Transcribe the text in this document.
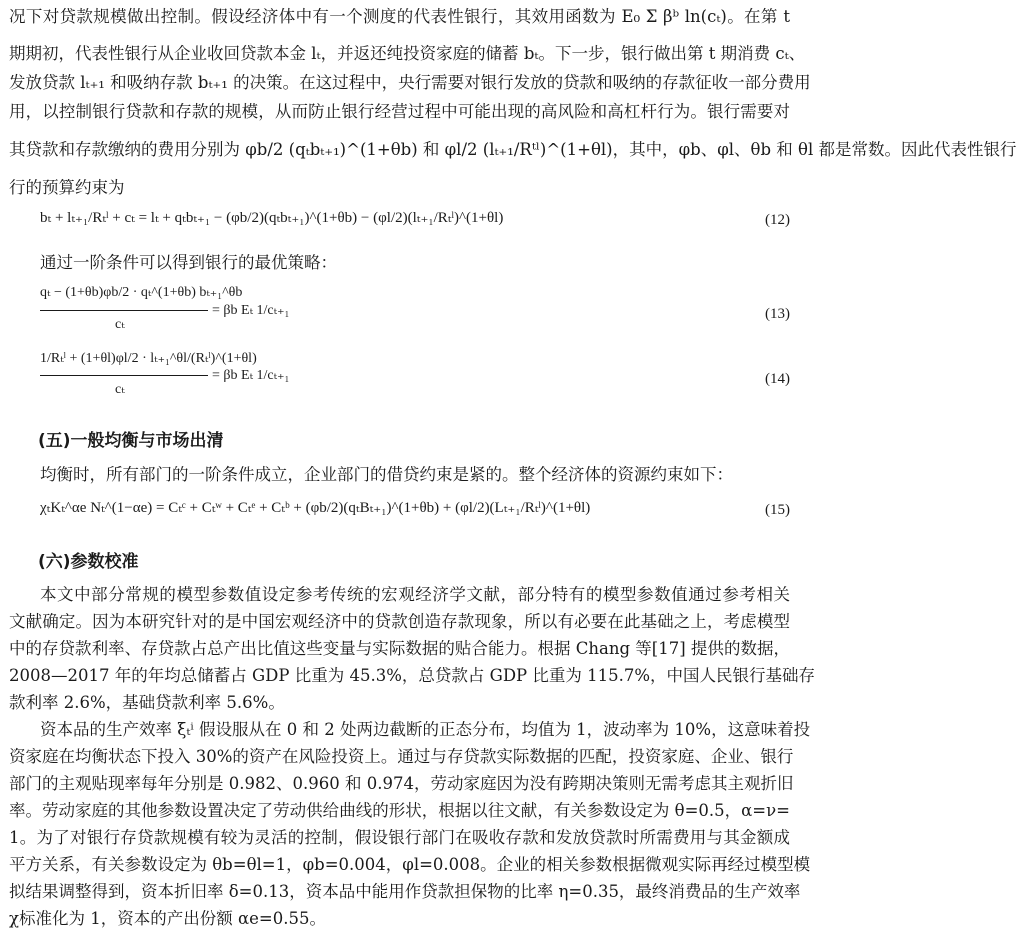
况下对贷款规模做出控制。假设经济体中有一个测度的代表性银行，其效用函数为 E₀ Σ βᵇ ln(cₜ)。在第 t
期期初，代表性银行从企业收回贷款本金 lₜ，并返还纯投资家庭的储蓄 bₜ。下一步，银行做出第 t 期消费 cₜ、
发放贷款 lₜ₊₁ 和吸纳存款 bₜ₊₁ 的决策。在这过程中，央行需要对银行发放的贷款和吸纳的存款征收一部分费用
用，以控制银行贷款和存款的规模，从而防止银行经营过程中可能出现的高风险和高杠杆行为。银行需要对
其贷款和存款缴纳的费用分别为 φb/2 (qₜbₜ₊₁)^(1+θb) 和 φl/2 (lₜ₊₁/Rᵗˡ)^(1+θl)，其中，φb、φl、θb 和 θl 都是常数。因此代表性银行
行的预算约束为
bₜ + lₜ₊₁/Rₜˡ + cₜ = lₜ + qₜbₜ₊₁ − (φb/2)(qₜbₜ₊₁)^(1+θb) − (φl/2)(lₜ₊₁/Rₜˡ)^(1+θl)	(12)
通过一阶条件可以得到银行的最优策略：
qₜ − (1+θb)φb/2 · qₜ^(1+θb) bₜ₊₁^θb
cₜ
= βb Eₜ 1/cₜ₊₁	(13)
1/Rₜˡ + (1+θl)φl/2 · lₜ₊₁^θl/(Rₜˡ)^(1+θl)
cₜ
= βb Eₜ 1/cₜ₊₁	(14)
(五)一般均衡与市场出清
均衡时，所有部门的一阶条件成立，企业部门的借贷约束是紧的。整个经济体的资源约束如下：
χₜKₜ^αe Nₜ^(1−αe) = Cₜᶜ + Cₜʷ + Cₜᵉ + Cₜᵇ + (φb/2)(qₜBₜ₊₁)^(1+θb) + (φl/2)(Lₜ₊₁/Rₜˡ)^(1+θl)	(15)
(六)参数校准
本文中部分常规的模型参数值设定参考传统的宏观经济学文献，部分特有的模型参数值通过参考相关
文献确定。因为本研究针对的是中国宏观经济中的贷款创造存款现象，所以有必要在此基础之上，考虑模型
中的存贷款利率、存贷款占总产出比值这些变量与实际数据的贴合能力。根据 Chang 等[17] 提供的数据，
2008—2017 年的年均总储蓄占 GDP 比重为 45.3%，总贷款占 GDP 比重为 115.7%，中国人民银行基础存
款利率 2.6%，基础贷款利率 5.6%。
资本品的生产效率 ξₜⁱ 假设服从在 0 和 2 处两边截断的正态分布，均值为 1，波动率为 10%，这意味着投
资家庭在均衡状态下投入 30%的资产在风险投资上。通过与存贷款实际数据的匹配，投资家庭、企业、银行
部门的主观贴现率每年分别是 0.982、0.960 和 0.974，劳动家庭因为没有跨期决策则无需考虑其主观折旧
率。劳动家庭的其他参数设置决定了劳动供给曲线的形状，根据以往文献，有关参数设定为 θ=0.5，α=ν=
1。为了对银行存贷款规模有较为灵活的控制，假设银行部门在吸收存款和发放贷款时所需费用与其金额成
平方关系，有关参数设定为 θb=θl=1，φb=0.004，φl=0.008。企业的相关参数根据微观实际再经过模型模
拟结果调整得到，资本折旧率 δ=0.13，资本品中能用作贷款担保物的比率 η=0.35，最终消费品的生产效率
χ标准化为 1，资本的产出份额 αe=0.55。
